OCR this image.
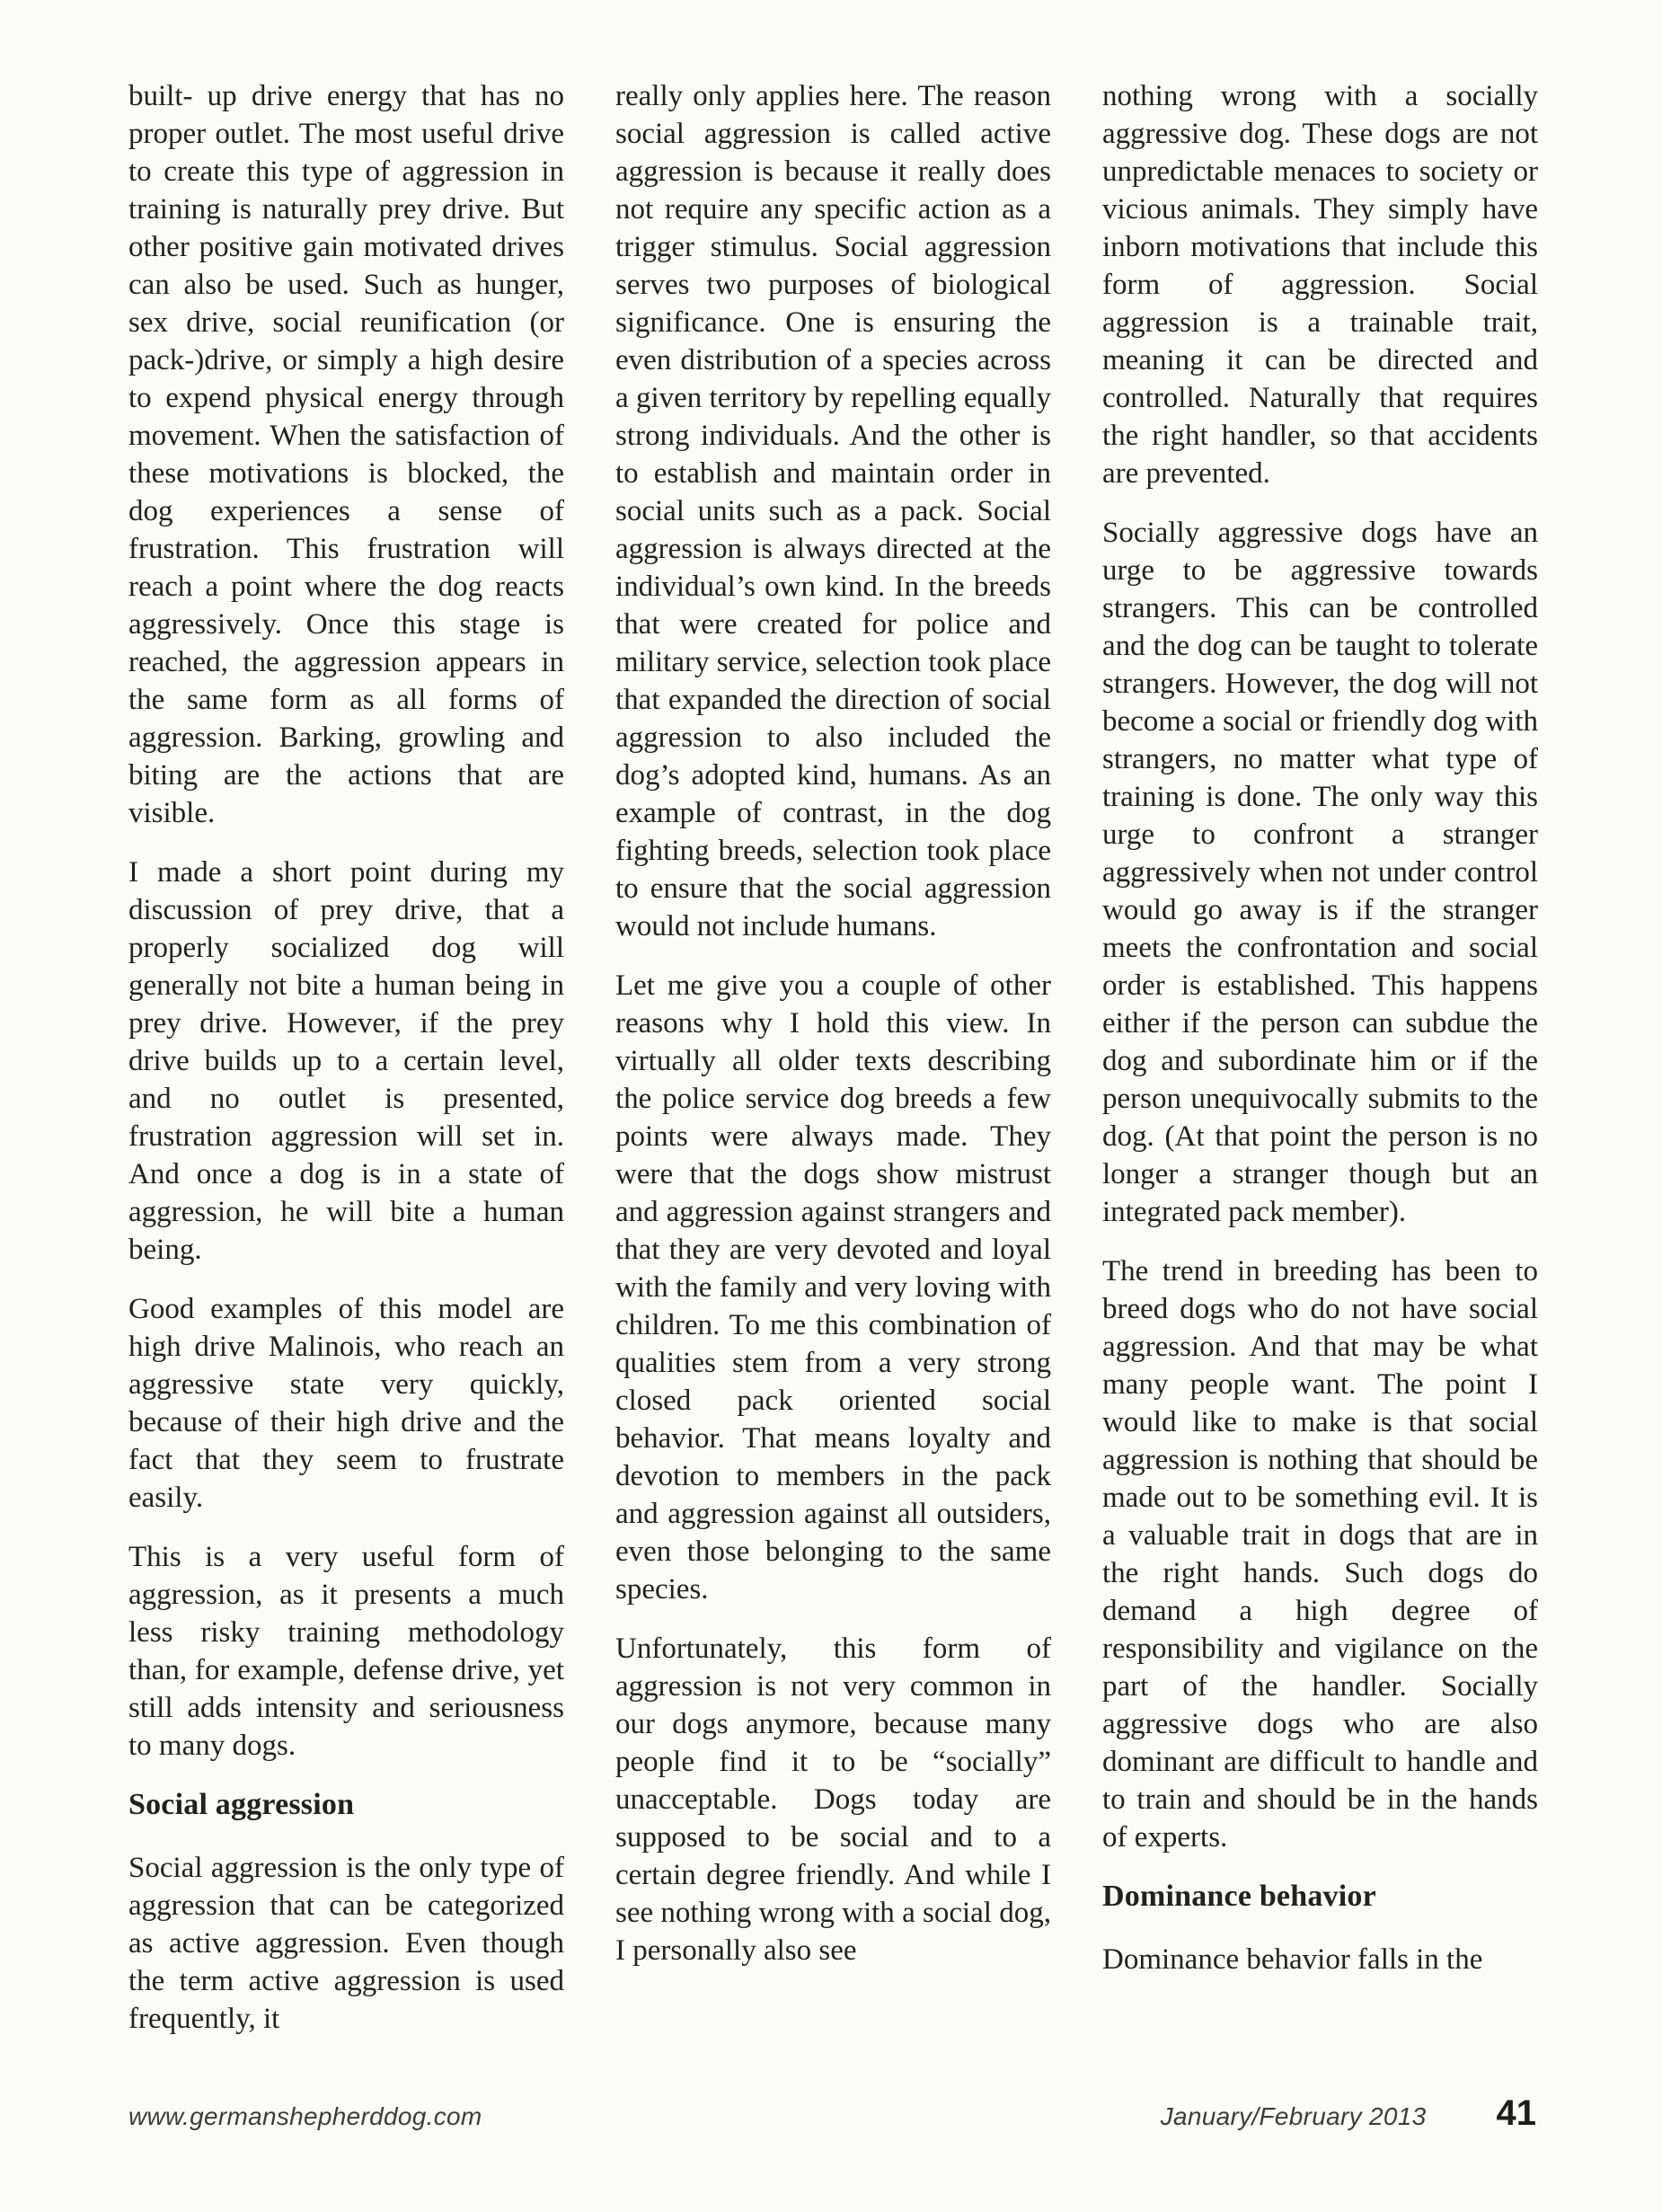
built- up drive energy that has no proper outlet. The most useful drive to create this type of aggression in training is naturally prey drive. But other positive gain motivated drives can also be used. Such as hunger, sex drive, social reunification (or pack-)drive, or simply a high desire to expend physical energy through movement. When the satisfaction of these motivations is blocked, the dog experiences a sense of frustration. This frustration will reach a point where the dog reacts aggressively. Once this stage is reached, the aggression appears in the same form as all forms of aggression. Barking, growling and biting are the actions that are visible.

I made a short point during my discussion of prey drive, that a properly socialized dog will generally not bite a human being in prey drive. However, if the prey drive builds up to a certain level, and no outlet is presented, frustration aggression will set in. And once a dog is in a state of aggression, he will bite a human being.

Good examples of this model are high drive Malinois, who reach an aggressive state very quickly, because of their high drive and the fact that they seem to frustrate easily.

This is a very useful form of aggression, as it presents a much less risky training methodology than, for example, defense drive, yet still adds intensity and seriousness to many dogs.

Social aggression

Social aggression is the only type of aggression that can be categorized as active aggression. Even though the term active aggression is used frequently, it

really only applies here. The reason social aggression is called active aggression is because it really does not require any specific action as a trigger stimulus. Social aggression serves two purposes of biological significance. One is ensuring the even distribution of a species across a given territory by repelling equally strong individuals. And the other is to establish and maintain order in social units such as a pack. Social aggression is always directed at the individual’s own kind. In the breeds that were created for police and military service, selection took place that expanded the direction of social aggression to also included the dog’s adopted kind, humans. As an example of contrast, in the dog fighting breeds, selection took place to ensure that the social aggression would not include humans.

Let me give you a couple of other reasons why I hold this view. In virtually all older texts describing the police service dog breeds a few points were always made. They were that the dogs show mistrust and aggression against strangers and that they are very devoted and loyal with the family and very loving with children. To me this combination of qualities stem from a very strong closed pack oriented social behavior. That means loyalty and devotion to members in the pack and aggression against all outsiders, even those belonging to the same species.

Unfortunately, this form of aggression is not very common in our dogs anymore, because many people find it to be “socially” unacceptable. Dogs today are supposed to be social and to a certain degree friendly. And while I see nothing wrong with a social dog, I personally also see

nothing wrong with a socially aggressive dog. These dogs are not unpredictable menaces to society or vicious animals. They simply have inborn motivations that include this form of aggression. Social aggression is a trainable trait, meaning it can be directed and controlled. Naturally that requires the right handler, so that accidents are prevented.

Socially aggressive dogs have an urge to be aggressive towards strangers. This can be controlled and the dog can be taught to tolerate strangers. However, the dog will not become a social or friendly dog with strangers, no matter what type of training is done. The only way this urge to confront a stranger aggressively when not under control would go away is if the stranger meets the confrontation and social order is established. This happens either if the person can subdue the dog and subordinate him or if the person unequivocally submits to the dog. (At that point the person is no longer a stranger though but an integrated pack member).

The trend in breeding has been to breed dogs who do not have social aggression. And that may be what many people want. The point I would like to make is that social aggression is nothing that should be made out to be something evil. It is a valuable trait in dogs that are in the right hands. Such dogs do demand a high degree of responsibility and vigilance on the part of the handler. Socially aggressive dogs who are also dominant are difficult to handle and to train and should be in the hands of experts.

Dominance behavior

Dominance behavior falls in the

www.germanshepherddog.com	January/February 2013 41
